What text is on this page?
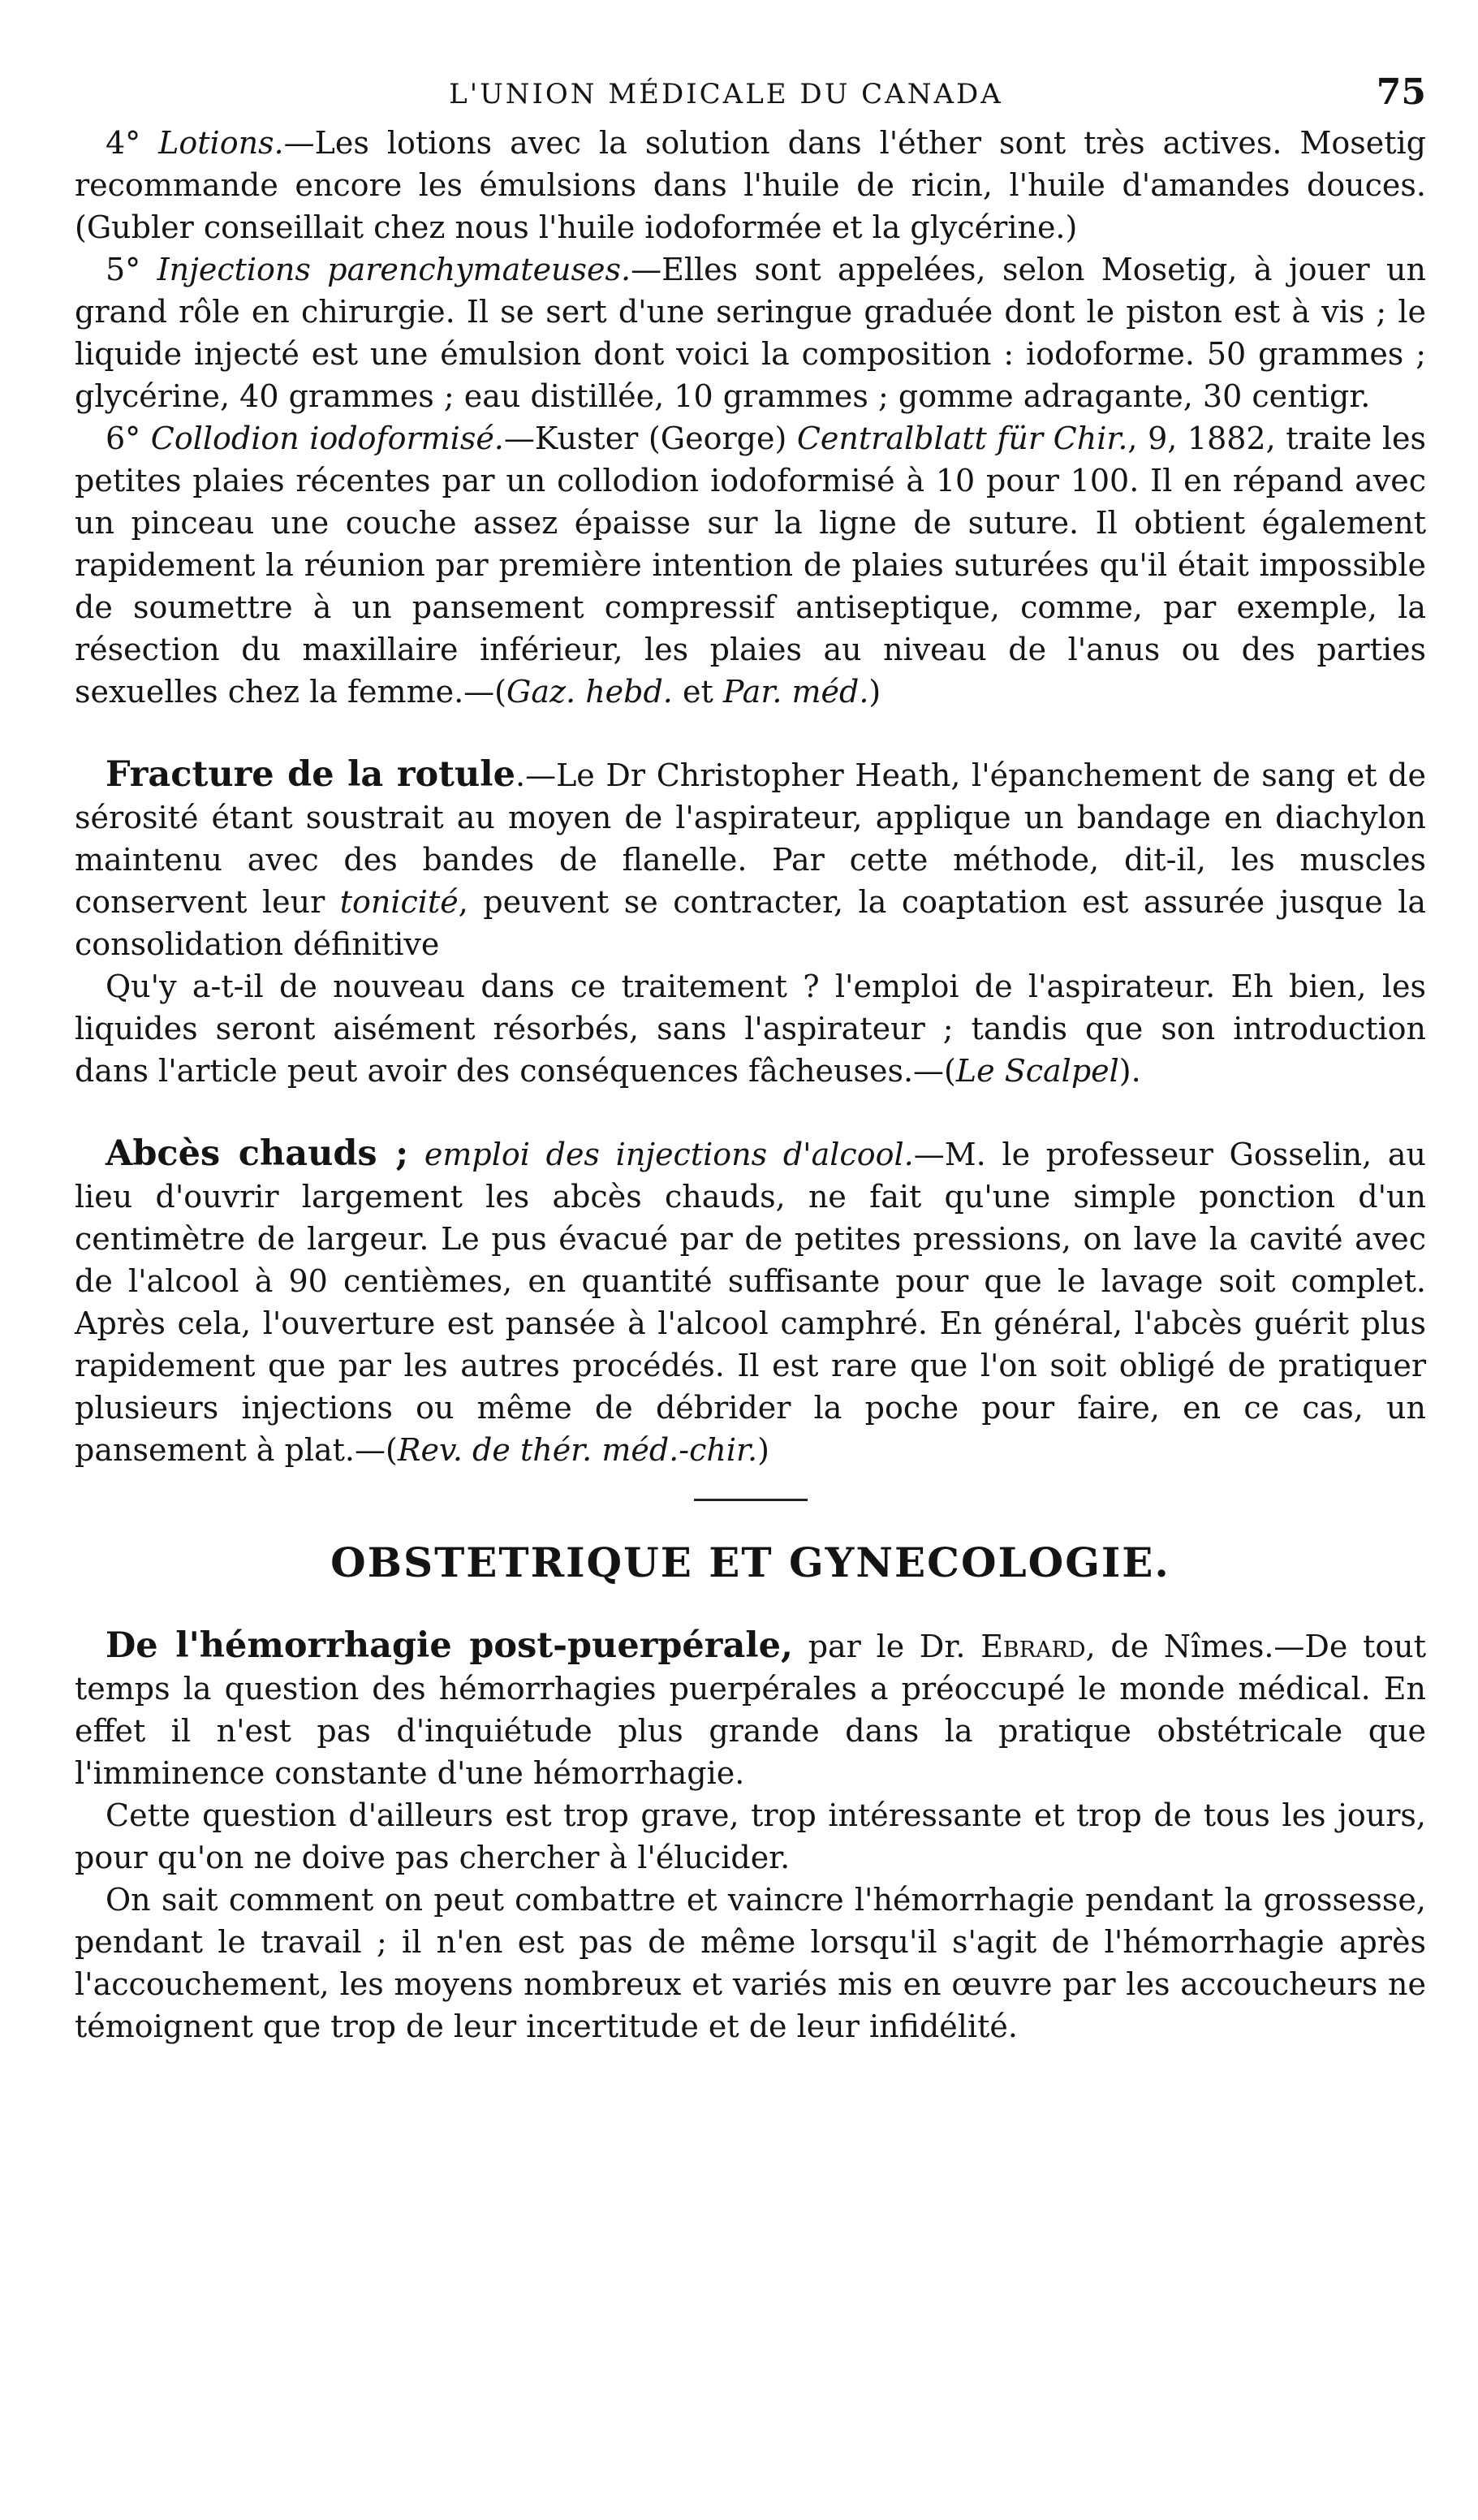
L'UNION MÉDICALE DU CANADA	75

 4° Lotions.—Les lotions avec la solution dans l'éther sont très actives. Mosetig recommande encore les émulsions dans l'huile de ricin, l'huile d'amandes douces. (Gubler conseillait chez nous l'huile iodoformée et la glycérine.)

 5° Injections parenchymateuses.—Elles sont appelées, selon Mosetig, à jouer un grand rôle en chirurgie. Il se sert d'une seringue graduée dont le piston est à vis ; le liquide injecté est une émulsion dont voici la composition : iodoforme. 50 grammes ; glycérine, 40 grammes ; eau distillée, 10 grammes ; gomme adragante, 30 centigr.

 6° Collodion iodoformisé.—Kuster (George) Centralblatt für Chir., 9, 1882, traite les petites plaies récentes par un collodion iodoformisé à 10 pour 100. Il en répand avec un pinceau une couche assez épaisse sur la ligne de suture. Il obtient également rapidement la réunion par première intention de plaies suturées qu'il était impossible de soumettre à un pansement compressif antiseptique, comme, par exemple, la résection du maxillaire inférieur, les plaies au niveau de l'anus ou des parties sexuelles chez la femme.—(Gaz. hebd. et Par. méd.)

 Fracture de la rotule.—Le Dr Christopher Heath, l'épanchement de sang et de sérosité étant soustrait au moyen de l'aspirateur, applique un bandage en diachylon maintenu avec des bandes de flanelle. Par cette méthode, dit-il, les muscles conservent leur tonicité, peuvent se contracter, la coaptation est assurée jusque la consolidation définitive

 Qu'y a-t-il de nouveau dans ce traitement ? l'emploi de l'aspirateur. Eh bien, les liquides seront aisément résorbés, sans l'aspirateur ; tandis que son introduction dans l'article peut avoir des conséquences fâcheuses.—(Le Scalpel).

 Abcès chauds ; emploi des injections d'alcool.—M. le professeur Gosselin, au lieu d'ouvrir largement les abcès chauds, ne fait qu'une simple ponction d'un centimètre de largeur. Le pus évacué par de petites pressions, on lave la cavité avec de l'alcool à 90 centièmes, en quantité suffisante pour que le lavage soit complet. Après cela, l'ouverture est pansée à l'alcool camphré. En général, l'abcès guérit plus rapidement que par les autres procédés. Il est rare que l'on soit obligé de pratiquer plusieurs injections ou même de débrider la poche pour faire, en ce cas, un pansement à plat.—(Rev. de thér. méd.-chir.)

OBSTETRIQUE ET GYNECOLOGIE.

 De l'hémorrhagie post-puerpérale, par le Dr. Ebrard, de Nîmes.—De tout temps la question des hémorrhagies puerpérales a préoccupé le monde médical. En effet il n'est pas d'inquiétude plus grande dans la pratique obstétricale que l'imminence constante d'une hémorrhagie.

 Cette question d'ailleurs est trop grave, trop intéressante et trop de tous les jours, pour qu'on ne doive pas chercher à l'élucider.

 On sait comment on peut combattre et vaincre l'hémorrhagie pendant la grossesse, pendant le travail ; il n'en est pas de même lorsqu'il s'agit de l'hémorrhagie après l'accouchement, les moyens nombreux et variés mis en œuvre par les accoucheurs ne témoignent que trop de leur incertitude et de leur infidélité.
